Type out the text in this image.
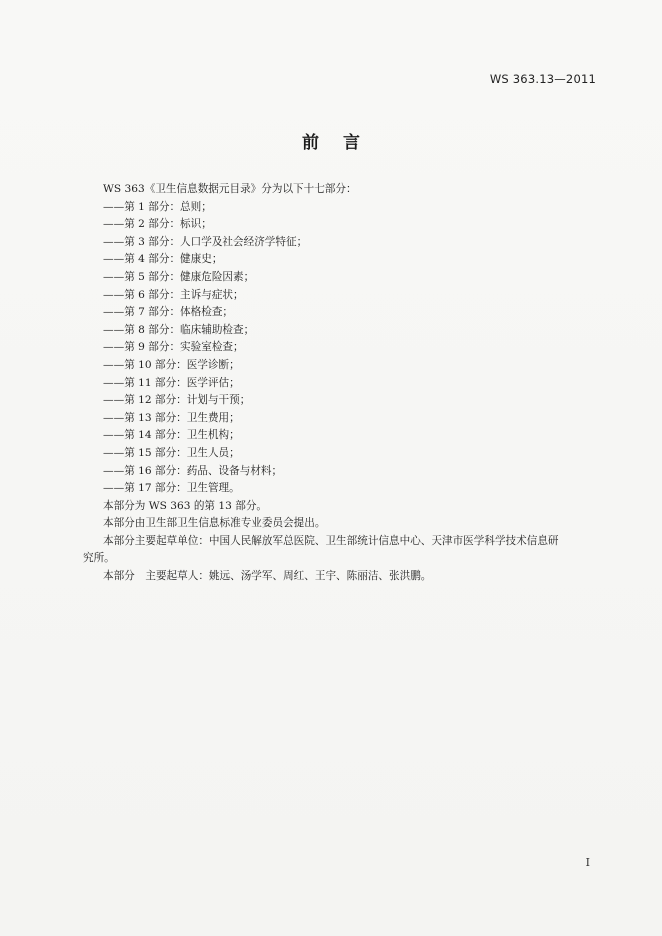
WS 363.13—2011
前言
WS 363《卫生信息数据元目录》分为以下十七部分：
——第 1 部分：总则；
——第 2 部分：标识；
——第 3 部分：人口学及社会经济学特征；
——第 4 部分：健康史；
——第 5 部分：健康危险因素；
——第 6 部分：主诉与症状；
——第 7 部分：体格检查；
——第 8 部分：临床辅助检查；
——第 9 部分：实验室检查；
——第 10 部分：医学诊断；
——第 11 部分：医学评估；
——第 12 部分：计划与干预；
——第 13 部分：卫生费用；
——第 14 部分：卫生机构；
——第 15 部分：卫生人员；
——第 16 部分：药品、设备与材料；
——第 17 部分：卫生管理。
本部分为 WS 363 的第 13 部分。
本部分由卫生部卫生信息标准专业委员会提出。
本部分主要起草单位：中国人民解放军总医院、卫生部统计信息中心、天津市医学科学技术信息研
究所。
本部分　主要起草人：姚远、汤学军、周红、王宇、陈丽洁、张洪鹏。
I
